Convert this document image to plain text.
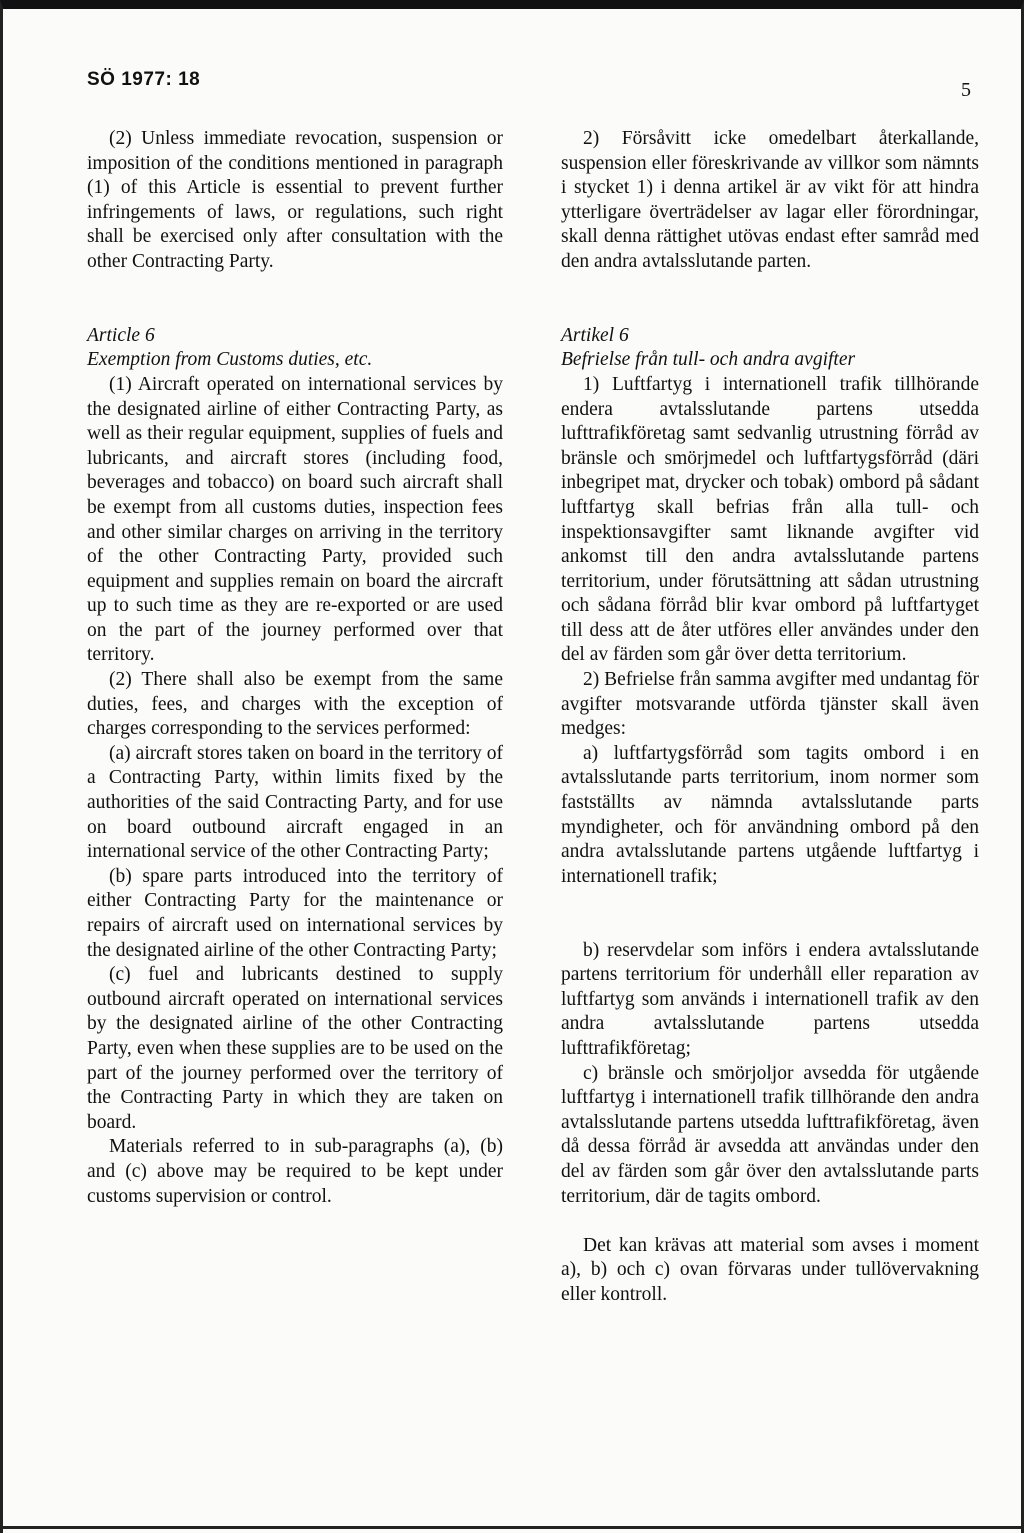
SÖ 1977: 18	5

(2) Unless immediate revocation, suspension or imposition of the conditions mentioned in paragraph (1) of this Article is essential to prevent further infringements of laws, or regulations, such right shall be exercised only after consultation with the other Contracting Party.

Article 6

Exemption from Customs duties, etc.

(1) Aircraft operated on international services by the designated airline of either Contracting Party, as well as their regular equipment, supplies of fuels and lubricants, and aircraft stores (including food, beverages and tobacco) on board such aircraft shall be exempt from all customs duties, inspection fees and other similar charges on arriving in the territory of the other Contracting Party, provided such equipment and supplies remain on board the aircraft up to such time as they are re-exported or are used on the part of the journey performed over that territory.

(2) There shall also be exempt from the same duties, fees, and charges with the exception of charges corresponding to the services performed:

(a) aircraft stores taken on board in the territory of a Contracting Party, within limits fixed by the authorities of the said Contracting Party, and for use on board outbound aircraft engaged in an international service of the other Contracting Party;

(b) spare parts introduced into the territory of either Contracting Party for the maintenance or repairs of aircraft used on international services by the designated airline of the other Contracting Party;

(c) fuel and lubricants destined to supply outbound aircraft operated on international services by the designated airline of the other Contracting Party, even when these supplies are to be used on the part of the journey performed over the territory of the Contracting Party in which they are taken on board.

Materials referred to in sub-paragraphs (a), (b) and (c) above may be required to be kept under customs supervision or control.

2) Försåvitt icke omedelbart återkallande, suspension eller föreskrivande av villkor som nämnts i stycket 1) i denna artikel är av vikt för att hindra ytterligare överträdelser av lagar eller förordningar, skall denna rättighet utövas endast efter samråd med den andra avtalsslutande parten.

Artikel 6

Befrielse från tull- och andra avgifter

1) Luftfartyg i internationell trafik tillhörande endera avtalsslutande partens utsedda lufttrafikföretag samt sedvanlig utrustning förråd av bränsle och smörjmedel och luftfartygsförråd (däri inbegripet mat, drycker och tobak) ombord på sådant luftfartyg skall befrias från alla tull- och inspektionsavgifter samt liknande avgifter vid ankomst till den andra avtalsslutande partens territorium, under förutsättning att sådan utrustning och sådana förråd blir kvar ombord på luftfartyget till dess att de åter utföres eller användes under den del av färden som går över detta territorium.

2) Befrielse från samma avgifter med undantag för avgifter motsvarande utförda tjänster skall även medges:

a) luftfartygsförråd som tagits ombord i en avtalsslutande parts territorium, inom normer som fastställts av nämnda avtalsslutande parts myndigheter, och för användning ombord på den andra avtalsslutande partens utgående luftfartyg i internationell trafik;

b) reservdelar som införs i endera avtalsslutande partens territorium för underhåll eller reparation av luftfartyg som används i internationell trafik av den andra avtalsslutande partens utsedda lufttrafikföretag;

c) bränsle och smörjoljor avsedda för utgående luftfartyg i internationell trafik tillhörande den andra avtalsslutande partens utsedda lufttrafikföretag, även då dessa förråd är avsedda att användas under den del av färden som går över den avtalsslutande parts territorium, där de tagits ombord.

Det kan krävas att material som avses i moment a), b) och c) ovan förvaras under tullövervakning eller kontroll.
